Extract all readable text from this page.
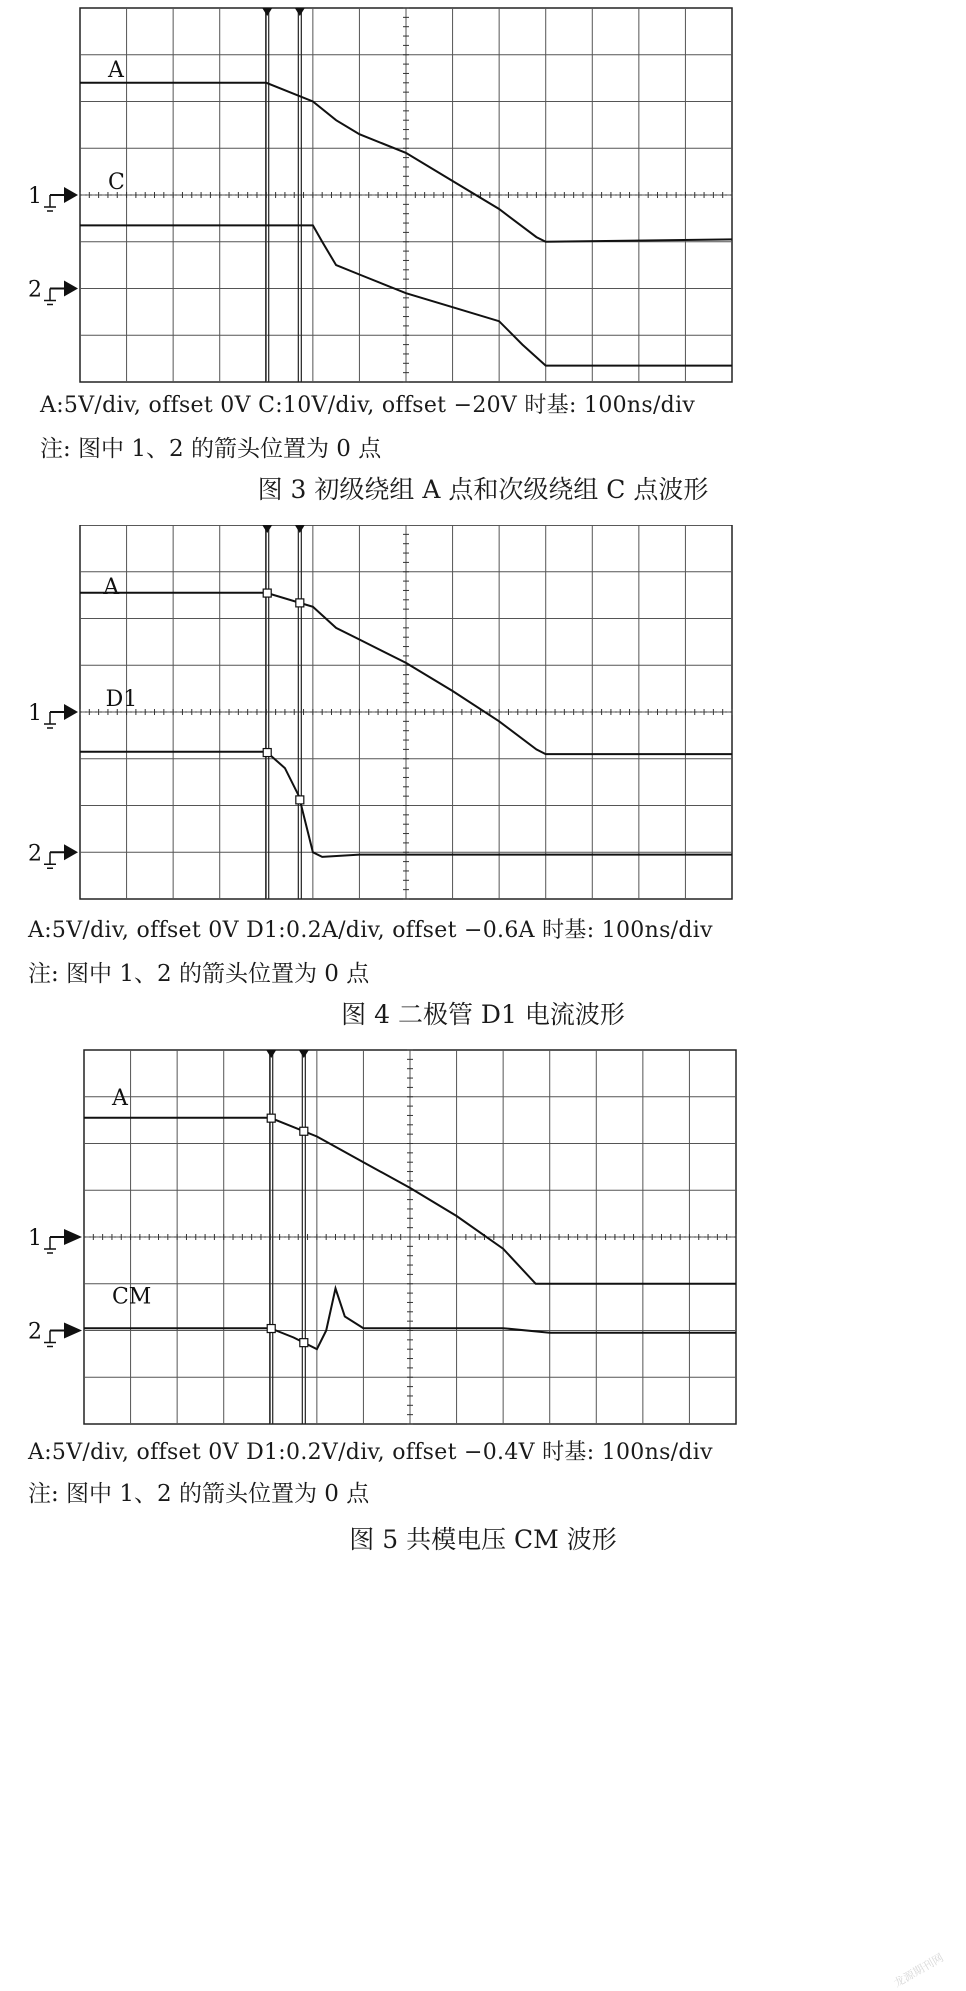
1
2
A
C
A:5V/div, offset 0V C:10V/div, offset −20V 时基: 100ns/div
注: 图中 1、2 的箭头位置为 0 点
图 3 初级绕组 A 点和次级绕组 C 点波形
1
2
A
D1
A:5V/div, offset 0V D1:0.2A/div, offset −0.6A 时基: 100ns/div
注: 图中 1、2 的箭头位置为 0 点
图 4 二极管 D1 电流波形
1
2
A
CM
A:5V/div, offset 0V D1:0.2V/div, offset −0.4V 时基: 100ns/div
注: 图中 1、2 的箭头位置为 0 点
图 5 共模电压 CM 波形
龙源期刊网
